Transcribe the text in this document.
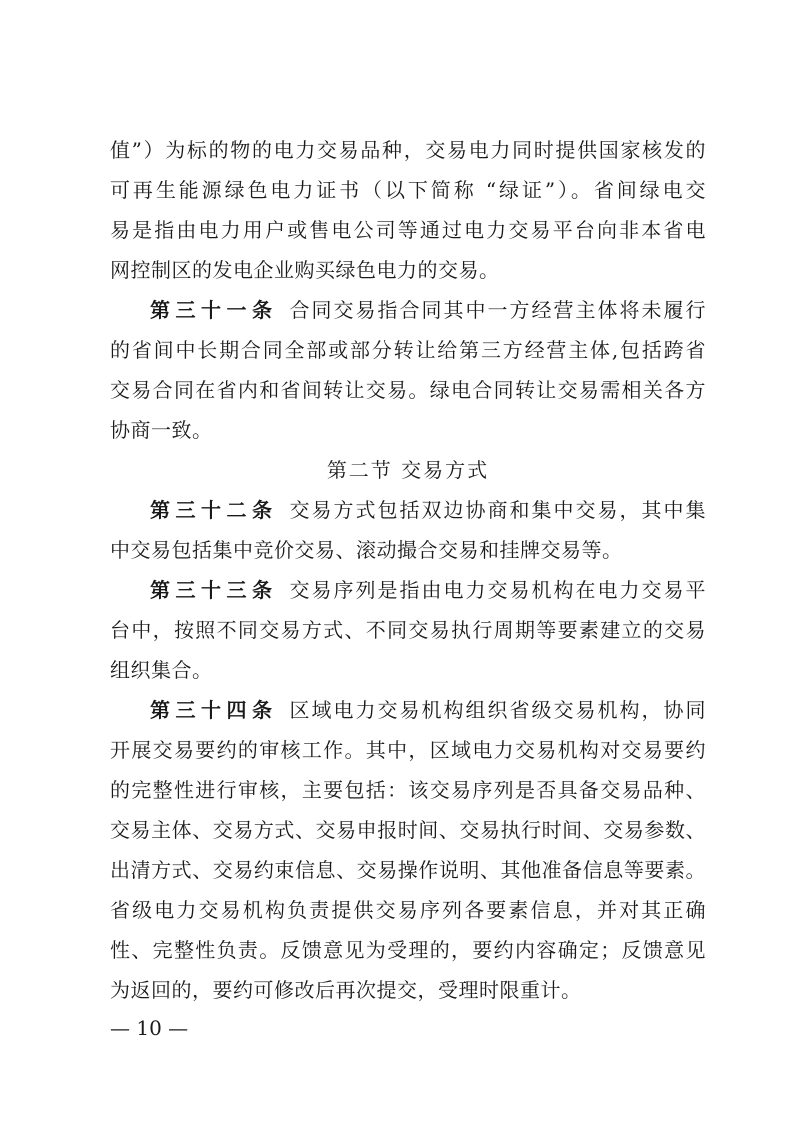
值”）为标的物的电力交易品种，交易电力同时提供国家核发的
可再生能源绿色电力证书（以下简称 “绿证”）。省间绿电交
易是指由电力用户或售电公司等通过电力交易平台向非本省电
网控制区的发电企业购买绿色电力的交易。
第三十一条 合同交易指合同其中一方经营主体将未履行
的省间中长期合同全部或部分转让给第三方经营主体,包括跨省
交易合同在省内和省间转让交易。绿电合同转让交易需相关各方
协商一致。
第二节 交易方式
第三十二条 交易方式包括双边协商和集中交易，其中集
中交易包括集中竞价交易、滚动撮合交易和挂牌交易等。
第三十三条 交易序列是指由电力交易机构在电力交易平
台中，按照不同交易方式、不同交易执行周期等要素建立的交易
组织集合。
第三十四条 区域电力交易机构组织省级交易机构，协同
开展交易要约的审核工作。其中，区域电力交易机构对交易要约
的完整性进行审核，主要包括：该交易序列是否具备交易品种、
交易主体、交易方式、交易申报时间、交易执行时间、交易参数、
出清方式、交易约束信息、交易操作说明、其他准备信息等要素。
省级电力交易机构负责提供交易序列各要素信息，并对其正确
性、完整性负责。反馈意见为受理的，要约内容确定；反馈意见
为返回的，要约可修改后再次提交，受理时限重计。
— 10 —
